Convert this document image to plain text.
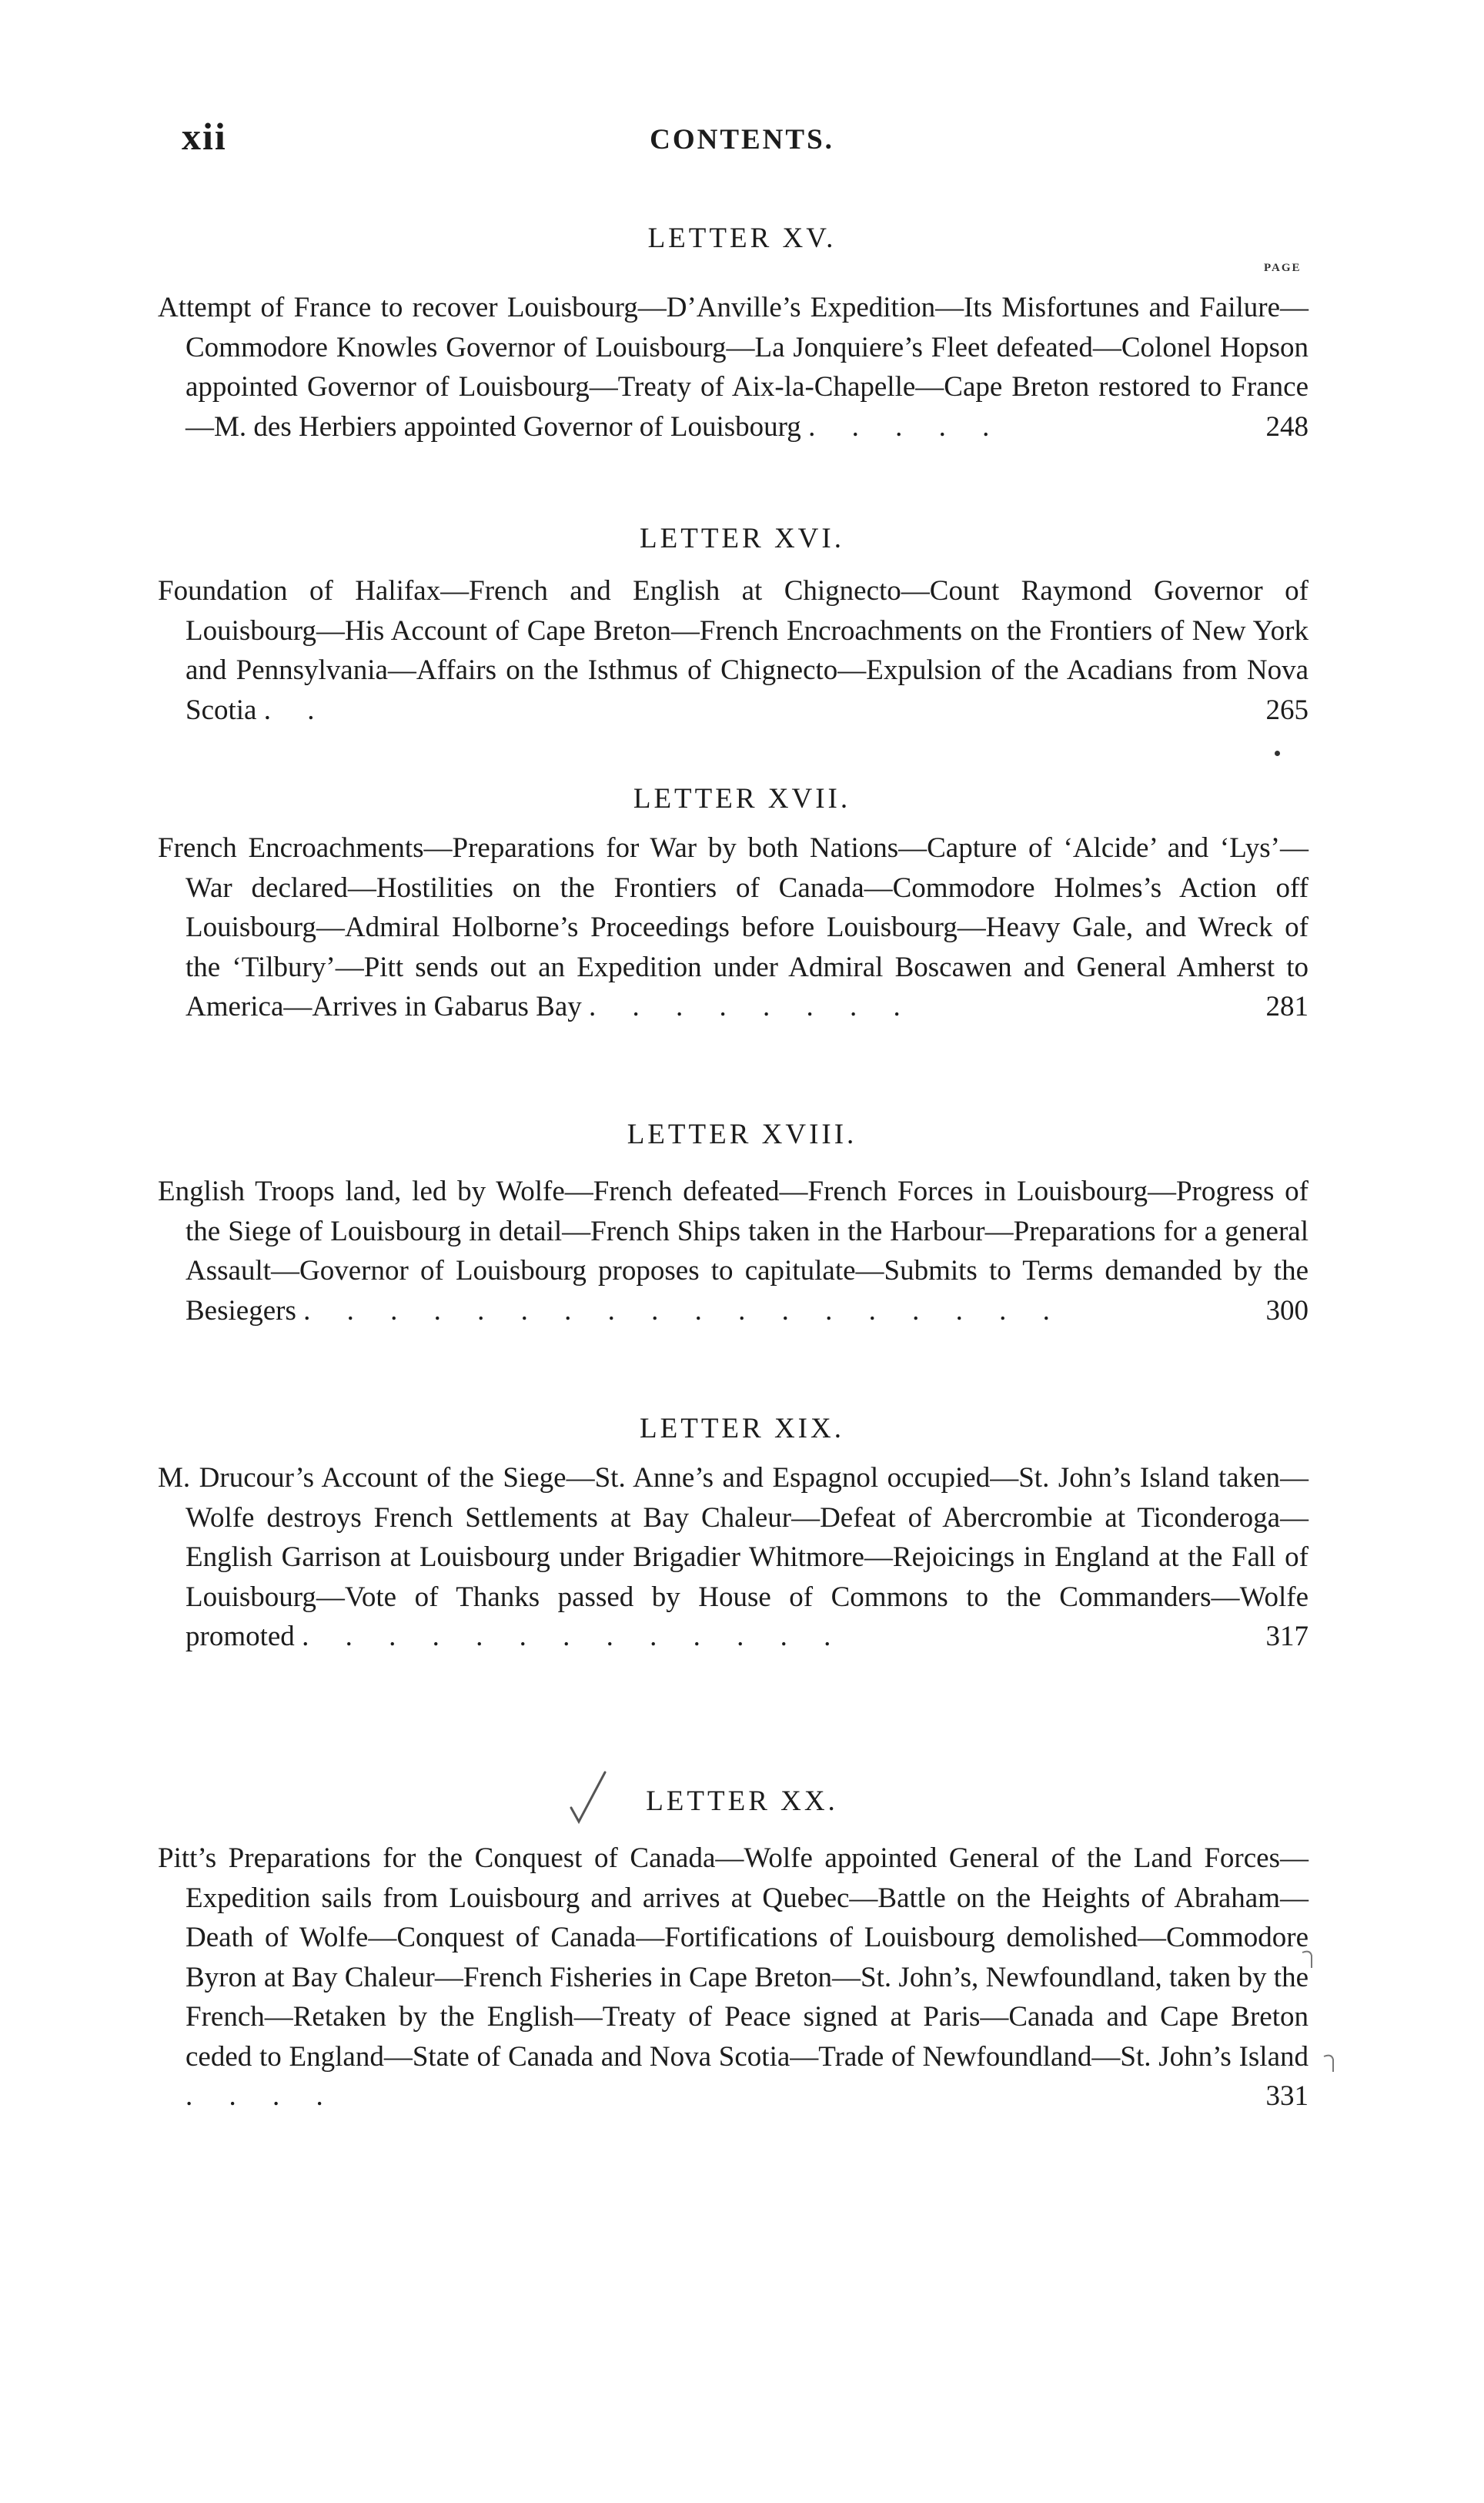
xii	CONTENTS.
PAGE
LETTER XV.
Attempt of France to recover Louisbourg—D’Anville’s Expedition—Its Misfortunes and Failure—Commodore Knowles Governor of Louisbourg—La Jonquiere’s Fleet defeated—Colonel Hopson appointed Governor of Louisbourg—Treaty of Aix-la-Chapelle—Cape Breton restored to France—M. des Herbiers appointed Governor of Louisbourg . . . . .	248
LETTER XVI.
Foundation of Halifax—French and English at Chignecto—Count Raymond Governor of Louisbourg—His Account of Cape Breton—French Encroachments on the Frontiers of New York and Pennsylvania—Affairs on the Isthmus of Chignecto—Expulsion of the Acadians from Nova Scotia . .	265
LETTER XVII.
French Encroachments—Preparations for War by both Nations—Capture of ‘Alcide’ and ‘Lys’—War declared—Hostilities on the Frontiers of Canada—Commodore Holmes’s Action off Louisbourg—Admiral Holborne’s Proceedings before Louisbourg—Heavy Gale, and Wreck of the ‘Tilbury’—Pitt sends out an Expedition under Admiral Boscawen and General Amherst to America—Arrives in Gabarus Bay . . . . . . . .	281
LETTER XVIII.
English Troops land, led by Wolfe—French defeated—French Forces in Louisbourg—Progress of the Siege of Louisbourg in detail—French Ships taken in the Harbour—Preparations for a general Assault—Governor of Louisbourg proposes to capitulate—Submits to Terms demanded by the Besiegers . . . . . . . . . . . . . . . . . .	300
LETTER XIX.
M. Drucour’s Account of the Siege—St. Anne’s and Espagnol occupied—St. John’s Island taken—Wolfe destroys French Settlements at Bay Chaleur—Defeat of Abercrombie at Ticonderoga—English Garrison at Louisbourg under Brigadier Whitmore—Rejoicings in England at the Fall of Louisbourg—Vote of Thanks passed by House of Commons to the Commanders—Wolfe promoted . . . . . . . . . . . . .	317
LETTER XX.
Pitt’s Preparations for the Conquest of Canada—Wolfe appointed General of the Land Forces—Expedition sails from Louisbourg and arrives at Quebec—Battle on the Heights of Abraham—Death of Wolfe—Conquest of Canada—Fortifications of Louisbourg demolished—Commodore Byron at Bay Chaleur—French Fisheries in Cape Breton—St. John’s, Newfoundland, taken by the French—Retaken by the English—Treaty of Peace signed at Paris—Canada and Cape Breton ceded to England—State of Canada and Nova Scotia—Trade of Newfoundland—St. John’s Island . . . .	331
